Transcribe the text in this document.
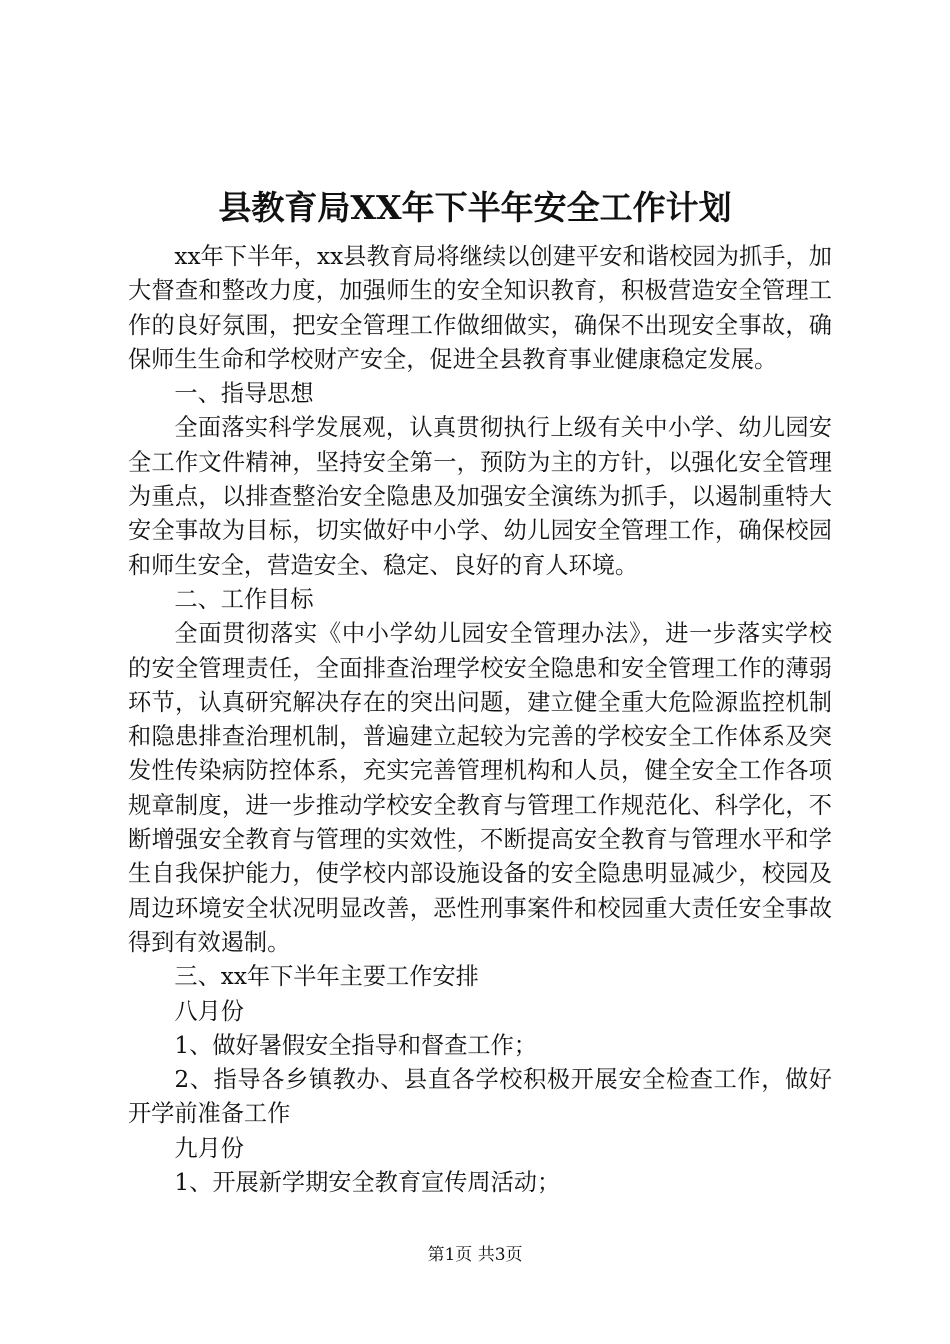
县教育局XX年下半年安全工作计划

xx年下半年，xx县教育局将继续以创建平安和谐校园为抓手，加大督查和整改力度，加强师生的安全知识教育，积极营造安全管理工作的良好氛围，把安全管理工作做细做实，确保不出现安全事故，确保师生生命和学校财产安全，促进全县教育事业健康稳定发展。

一、指导思想

全面落实科学发展观，认真贯彻执行上级有关中小学、幼儿园安全工作文件精神，坚持安全第一，预防为主的方针，以强化安全管理为重点，以排查整治安全隐患及加强安全演练为抓手，以遏制重特大安全事故为目标，切实做好中小学、幼儿园安全管理工作，确保校园和师生安全，营造安全、稳定、良好的育人环境。

二、工作目标

全面贯彻落实《中小学幼儿园安全管理办法》，进一步落实学校的安全管理责任，全面排查治理学校安全隐患和安全管理工作的薄弱环节，认真研究解决存在的突出问题，建立健全重大危险源监控机制和隐患排查治理机制，普遍建立起较为完善的学校安全工作体系及突发性传染病防控体系，充实完善管理机构和人员，健全安全工作各项规章制度，进一步推动学校安全教育与管理工作规范化、科学化，不断增强安全教育与管理的实效性，不断提高安全教育与管理水平和学生自我保护能力，使学校内部设施设备的安全隐患明显减少，校园及周边环境安全状况明显改善，恶性刑事案件和校园重大责任安全事故得到有效遏制。

三、xx年下半年主要工作安排

八月份

1、做好暑假安全指导和督查工作；

2、指导各乡镇教办、县直各学校积极开展安全检查工作，做好开学前准备工作

九月份

1、开展新学期安全教育宣传周活动；

第1页 共3页
